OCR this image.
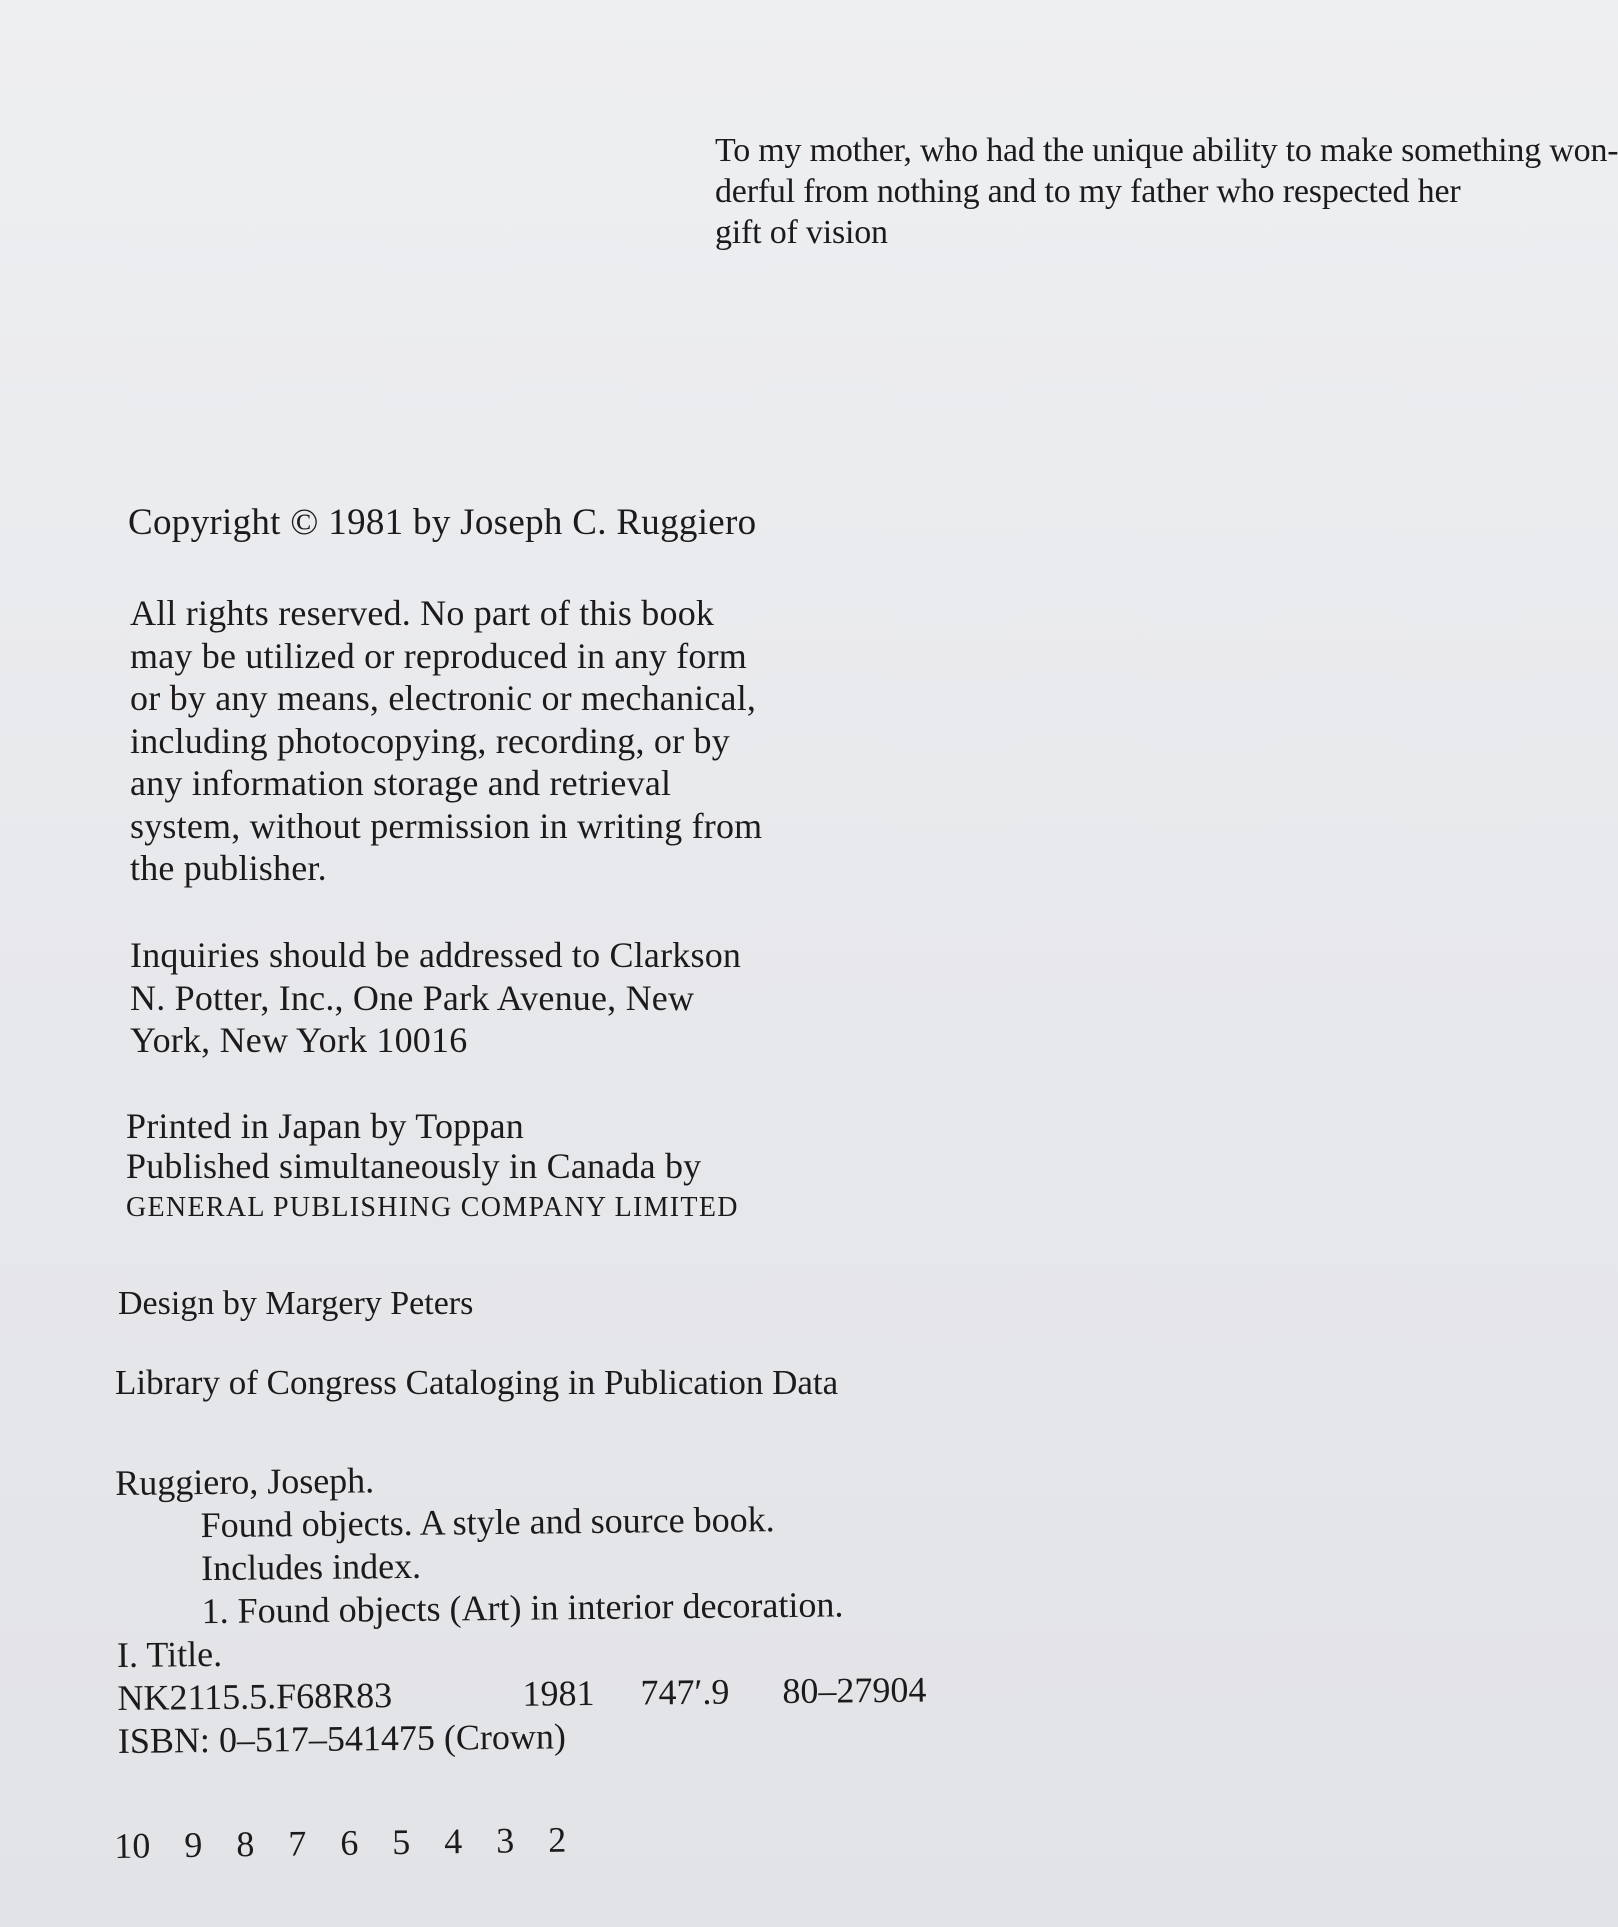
To my mother, who had the unique ability to make something won-
derful from nothing and to my father who respected her
gift of vision
Copyright © 1981 by Joseph C. Ruggiero
All rights reserved. No part of this book
may be utilized or reproduced in any form
or by any means, electronic or mechanical,
including photocopying, recording, or by
any information storage and retrieval
system, without permission in writing from
the publisher.
Inquiries should be addressed to Clarkson
N. Potter, Inc., One Park Avenue, New
York, New York 10016
Printed in Japan by Toppan
Published simultaneously in Canada by
GENERAL PUBLISHING COMPANY LIMITED
Design by Margery Peters
Library of Congress Cataloging in Publication Data
Ruggiero, Joseph.
Found objects. A style and source book.
Includes index.
1. Found objects (Art) in interior decoration.
I. Title.
NK2115.5.F68R83	1981 747′.9 80–27904
ISBN: 0–517–541475 (Crown)
10 9 8 7 6 5 4 3 2
